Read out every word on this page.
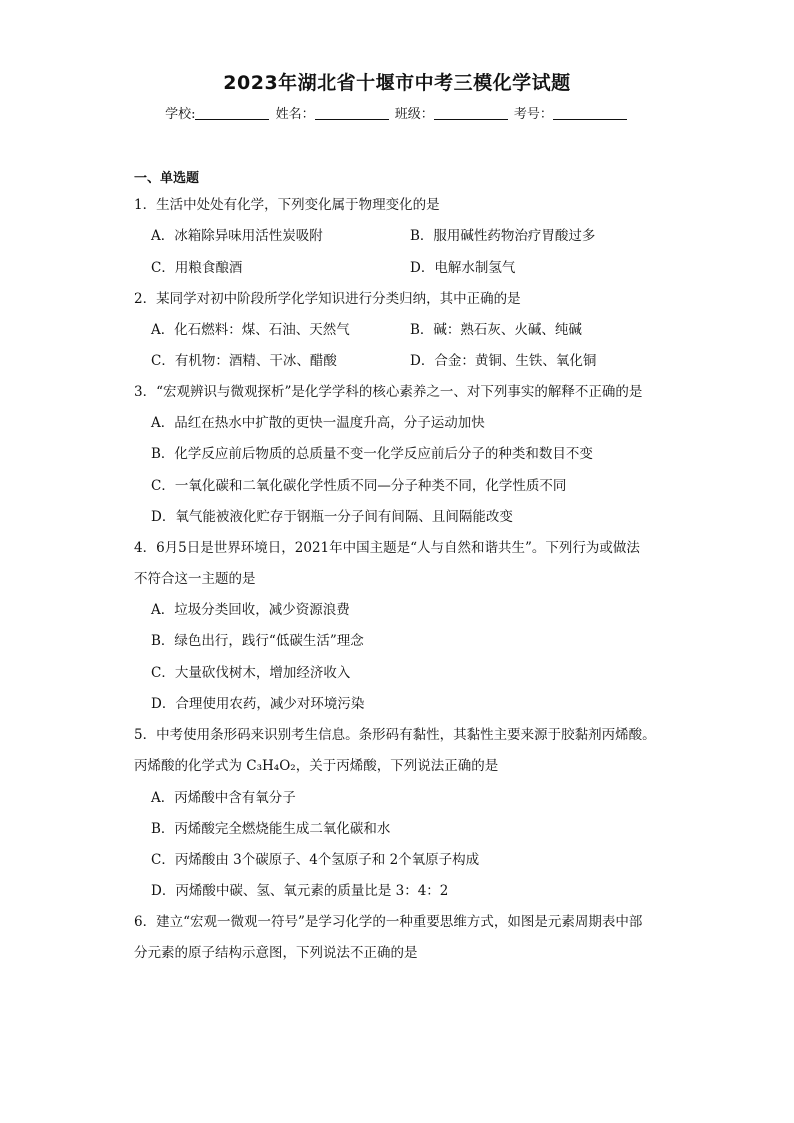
2023年湖北省十堰市中考三模化学试题
学校:	姓名：	班级：	考号：
一、单选题
1．生活中处处有化学，下列变化属于物理变化的是
A．冰箱除异味用活性炭吸附	B．服用碱性药物治疗胃酸过多
C．用粮食酿酒	D．电解水制氢气
2．某同学对初中阶段所学化学知识进行分类归纳，其中正确的是
A．化石燃料：煤、石油、天然气	B．碱：熟石灰、火碱、纯碱
C．有机物：酒精、干冰、醋酸	D．合金：黄铜、生铁、氧化铜
3．“宏观辨识与微观探析”是化学学科的核心素养之一、对下列事实的解释不正确的是
A．品红在热水中扩散的更快一温度升高，分子运动加快
B．化学反应前后物质的总质量不变一化学反应前后分子的种类和数目不变
C．一氧化碳和二氧化碳化学性质不同—分子种类不同，化学性质不同
D．氧气能被液化贮存于钢瓶一分子间有间隔、且间隔能改变
4．6月5日是世界环境日，2021年中国主题是“人与自然和谐共生”。下列行为或做法
不符合这一主题的是
A．垃圾分类回收，减少资源浪费
B．绿色出行，践行“低碳生活”理念
C．大量砍伐树木，增加经济收入
D．合理使用农药，减少对环境污染
5．中考使用条形码来识别考生信息。条形码有黏性，其黏性主要来源于胶黏剂丙烯酸。
丙烯酸的化学式为 C₃H₄O₂，关于丙烯酸，下列说法正确的是
A．丙烯酸中含有氧分子
B．丙烯酸完全燃烧能生成二氧化碳和水
C．丙烯酸由 3个碳原子、4个氢原子和 2个氧原子构成
D．丙烯酸中碳、氢、氧元素的质量比是 3：4：2
6．建立“宏观一微观一符号”是学习化学的一种重要思维方式，如图是元素周期表中部
分元素的原子结构示意图，下列说法不正确的是
